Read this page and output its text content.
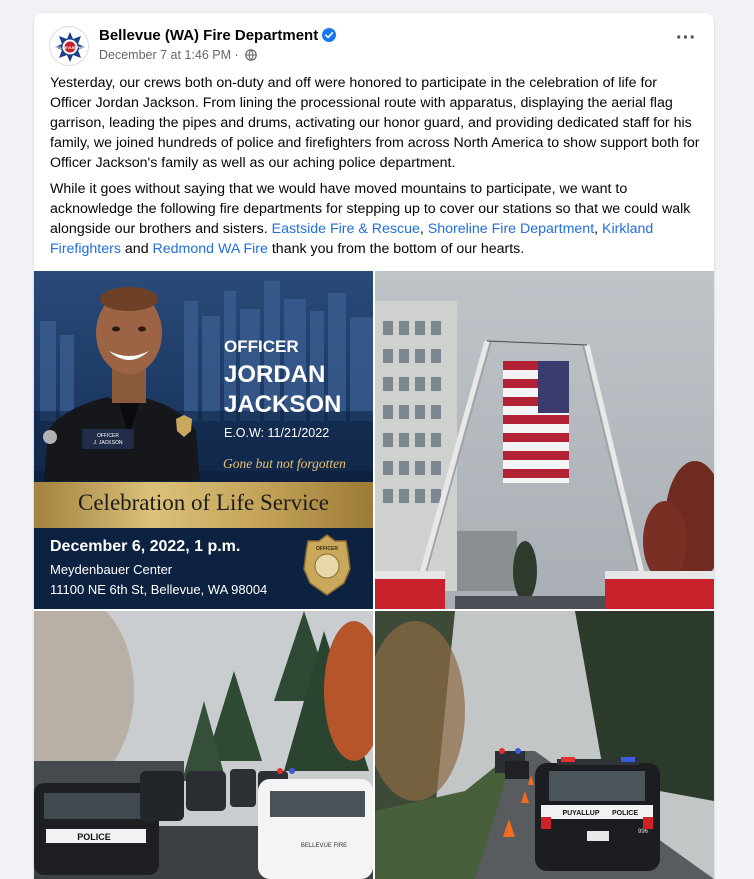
BELLEVUE FIRE
Bellevue (WA) Fire Department
December 7 at 1:46 PM ·
···

Yesterday, our crews both on-duty and off were honored to participate in the celebration of life for Officer Jordan Jackson. From lining the processional route with apparatus, displaying the aerial flag garrison, leading the pipes and drums, activating our honor guard, and providing dedicated staff for his family, we joined hundreds of police and firefighters from across North America to show support both for Officer Jackson's family as well as our aching police department.

While it goes without saying that we would have moved mountains to participate, we want to acknowledge the following fire departments for stepping up to cover our stations so that we could walk alongside our brothers and sisters. Eastside Fire & Rescue, Shoreline Fire Department, Kirkland Firefighters and Redmond WA Fire thank you from the bottom of our hearts.

OFFICER
J. JACKSON
OFFICER
JORDAN
JACKSON
E.O.W: 11/21/2022
Gone but not forgotten
Celebration of Life Service
December 6, 2022, 1 p.m.
Meydenbauer Center
11100 NE 6th St, Bellevue, WA 98004
OFFICER
POLICE
BELLEVUE FIRE
PUYALLUP POLICE
996
